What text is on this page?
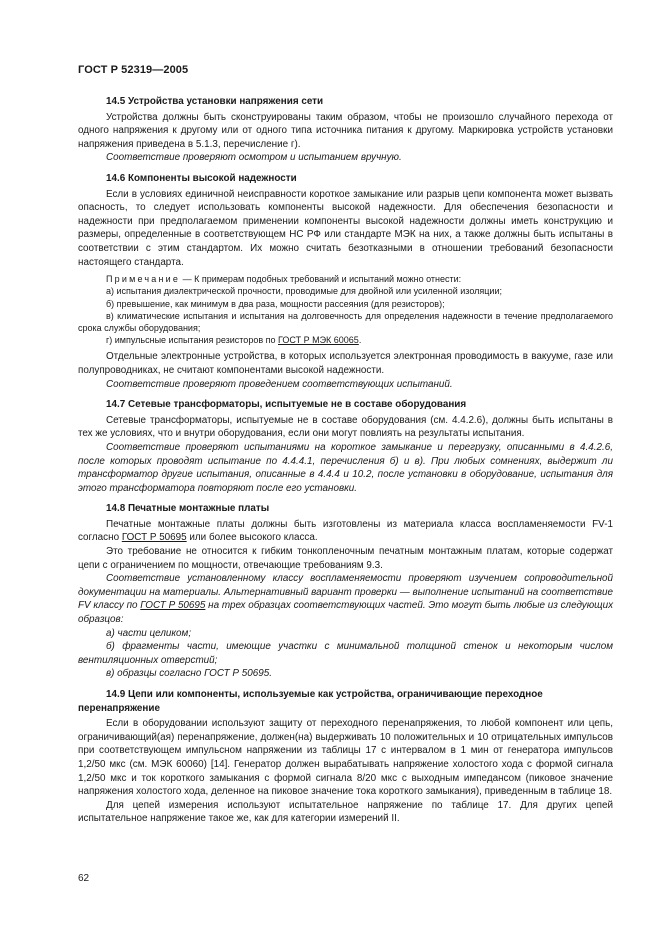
ГОСТ Р 52319—2005
14.5 Устройства установки напряжения сети

Устройства должны быть сконструированы таким образом, чтобы не произошло случайного перехода от одного напряжения к другому или от одного типа источника питания к другому. Маркировка устройств установки напряжения приведена в 5.1.3, перечисление г).

Соответствие проверяют осмотром и испытанием вручную.

14.6 Компоненты высокой надежности

Если в условиях единичной неисправности короткое замыкание или разрыв цепи компонента может вызвать опасность, то следует использовать компоненты высокой надежности. Для обеспечения безопасности и надежности при предполагаемом применении компоненты высокой надежности должны иметь конструкцию и размеры, определенные в соответствующем НС РФ или стандарте МЭК на них, а также должны быть испытаны в соответствии с этим стандартом. Их можно считать безотказными в отношении требований безопасности настоящего стандарта.

Примечание — К примерам подобных требований и испытаний можно отнести:

а) испытания диэлектрической прочности, проводимые для двойной или усиленной изоляции;

б) превышение, как минимум в два раза, мощности рассеяния (для резисторов);

в) климатические испытания и испытания на долговечность для определения надежности в течение предполагаемого срока службы оборудования;

г) импульсные испытания резисторов по ГОСТ Р МЭК 60065.

Отдельные электронные устройства, в которых используется электронная проводимость в вакууме, газе или полупроводниках, не считают компонентами высокой надежности.

Соответствие проверяют проведением соответствующих испытаний.

14.7 Сетевые трансформаторы, испытуемые не в составе оборудования

Сетевые трансформаторы, испытуемые не в составе оборудования (см. 4.4.2.6), должны быть испытаны в тех же условиях, что и внутри оборудования, если они могут повлиять на результаты испытания.

Соответствие проверяют испытаниями на короткое замыкание и перегрузку, описанными в 4.4.2.6, после которых проводят испытание по 4.4.4.1, перечисления б) и в). При любых сомнениях, выдержит ли трансформатор другие испытания, описанные в 4.4.4 и 10.2, после установки в оборудование, испытания для этого трансформатора повторяют после его установки.

14.8 Печатные монтажные платы

Печатные монтажные платы должны быть изготовлены из материала класса воспламеняемости FV-1 согласно ГОСТ Р 50695 или более высокого класса.

Это требование не относится к гибким тонкопленочным печатным монтажным платам, которые содержат цепи с ограничением по мощности, отвечающие требованиям 9.3.

Соответствие установленному классу воспламеняемости проверяют изучением сопроводительной документации на материалы. Альтернативный вариант проверки — выполнение испытаний на соответствие FV классу по ГОСТ Р 50695 на трех образцах соответствующих частей. Это могут быть любые из следующих образцов:

а) части целиком;

б) фрагменты части, имеющие участки с минимальной толщиной стенок и некоторым числом вентиляционных отверстий;

в) образцы согласно ГОСТ Р 50695.

14.9 Цепи или компоненты, используемые как устройства, ограничивающие переходное перенапряжение

Если в оборудовании используют защиту от переходного перенапряжения, то любой компонент или цепь, ограничивающий(ая) перенапряжение, должен(на) выдерживать 10 положительных и 10 отрицательных импульсов при соответствующем импульсном напряжении из таблицы 17 с интервалом в 1 мин от генератора импульсов 1,2/50 мкс (см. МЭК 60060) [14]. Генератор должен вырабатывать напряжение холостого хода с формой сигнала 1,2/50 мкс и ток короткого замыкания с формой сигнала 8/20 мкс с выходным импедансом (пиковое значение напряжения холостого хода, деленное на пиковое значение тока короткого замыкания), приведенным в таблице 18.

Для цепей измерения используют испытательное напряжение по таблице 17. Для других цепей испытательное напряжение такое же, как для категории измерений II.

62
